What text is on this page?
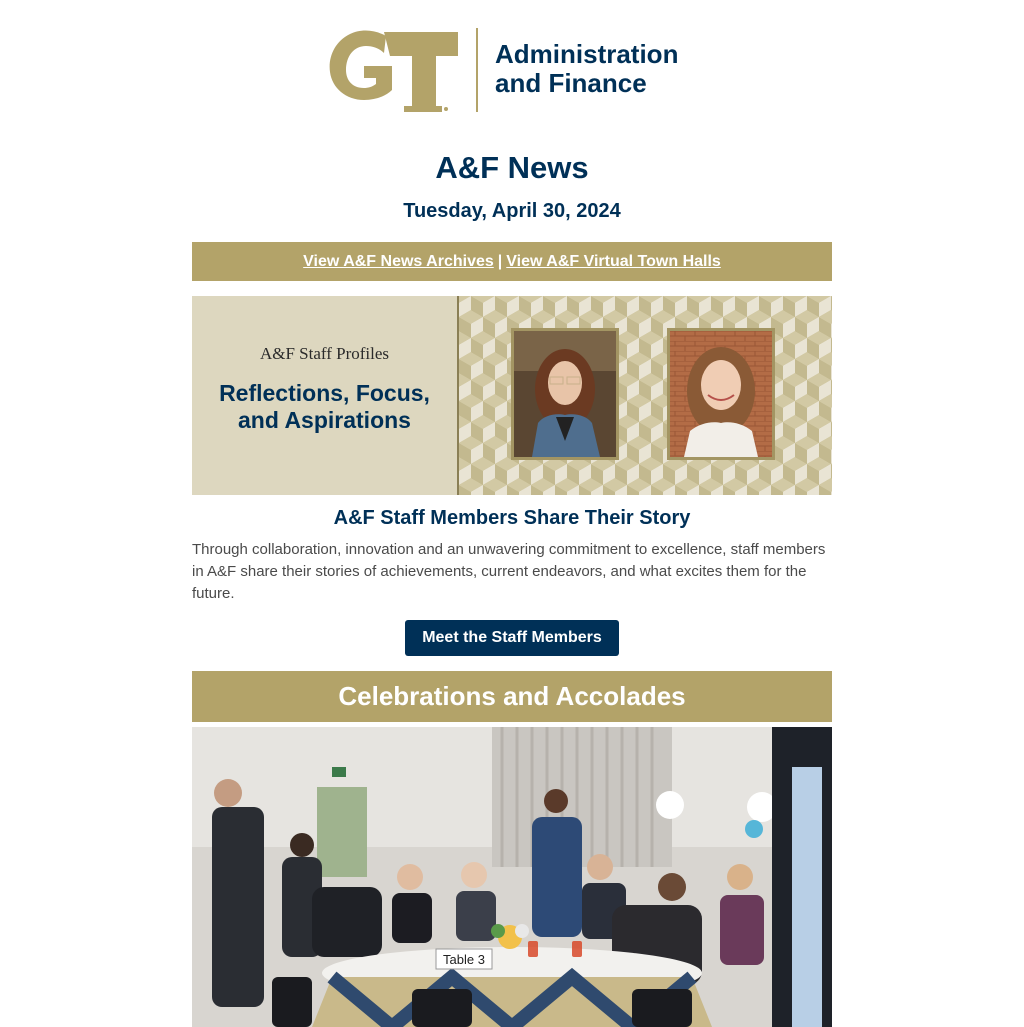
Administration
and Finance
A&F News
Tuesday, April 30, 2024
View A&F News Archives | View A&F Virtual Town Halls
A&F Staff Profiles
Reflections, Focus,
and Aspirations
A&F Staff Members Share Their Story
Through collaboration, innovation and an unwavering commitment to excellence, staff members in A&F share their stories of achievements, current endeavors, and what excites them for the future.
Meet the Staff Members
Celebrations and Accolades
Table 3
